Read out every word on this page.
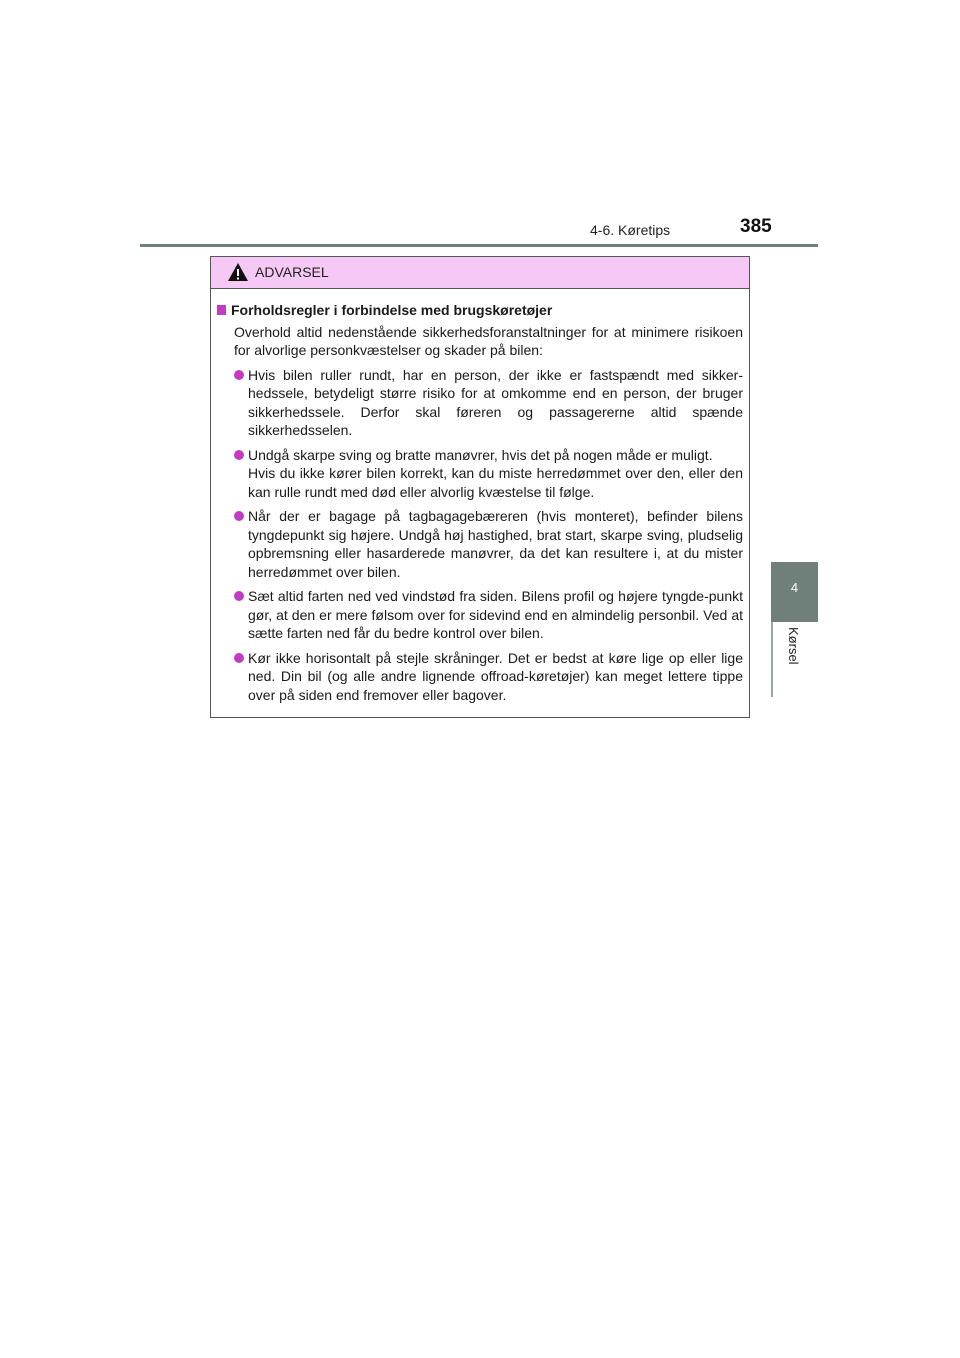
4-6. Køretips	385
4
Kørsel
ADVARSEL
Forholdsregler i forbindelse med brugskøretøjer
Overhold altid nedenstående sikkerhedsforanstaltninger for at minimere risikoen for alvorlige personkvæstelser og skader på bilen:
Hvis bilen ruller rundt, har en person, der ikke er fastspændt med sikker-hedssele, betydeligt større risiko for at omkomme end en person, der bruger sikkerhedssele. Derfor skal føreren og passagererne altid spænde sikkerhedsselen.
Undgå skarpe sving og bratte manøvrer, hvis det på nogen måde er muligt.
Hvis du ikke kører bilen korrekt, kan du miste herredømmet over den, eller den kan rulle rundt med død eller alvorlig kvæstelse til følge.
Når der er bagage på tagbagagebæreren (hvis monteret), befinder bilens tyngdepunkt sig højere. Undgå høj hastighed, brat start, skarpe sving, pludselig opbremsning eller hasarderede manøvrer, da det kan resultere i, at du mister herredømmet over bilen.
Sæt altid farten ned ved vindstød fra siden. Bilens profil og højere tyngde-punkt gør, at den er mere følsom over for sidevind end en almindelig personbil. Ved at sætte farten ned får du bedre kontrol over bilen.
Kør ikke horisontalt på stejle skråninger. Det er bedst at køre lige op eller lige ned. Din bil (og alle andre lignende offroad-køretøjer) kan meget lettere tippe over på siden end fremover eller bagover.
